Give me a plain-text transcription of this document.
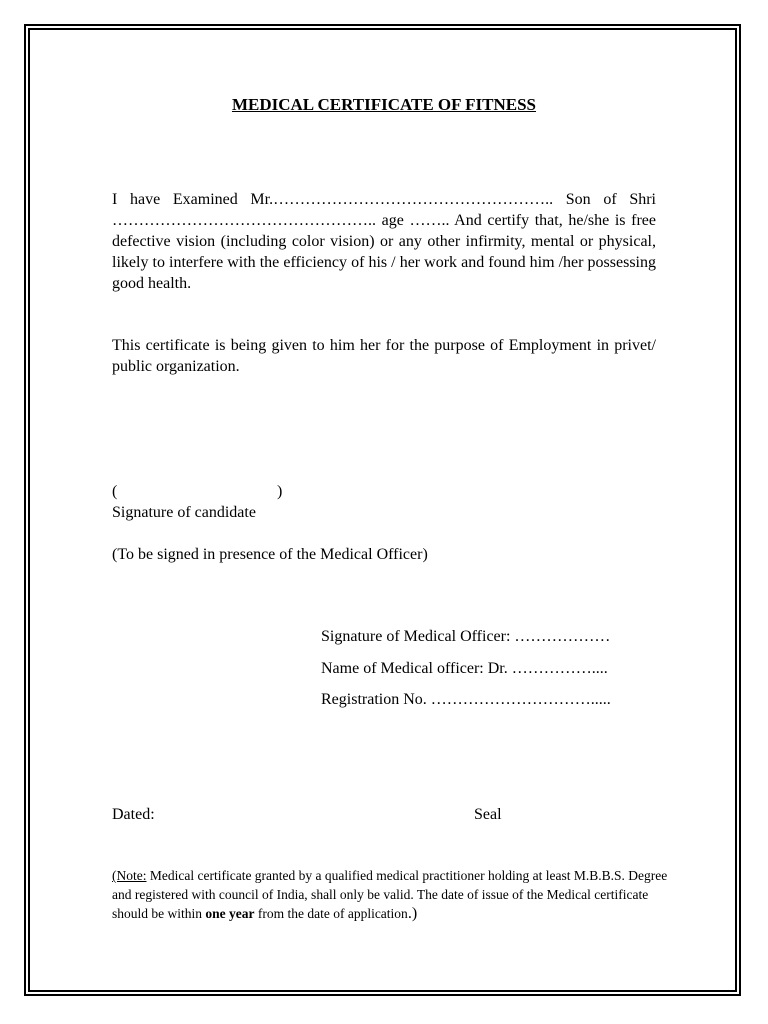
MEDICAL CERTIFICATE OF FITNESS
I have Examined Mr.…………………………………………….. Son of Shri ………………………………………….. age …….. And certify that, he/she is free defective vision (including color vision) or any other infirmity, mental or physical, likely to interfere with the efficiency of his / her work and found him /her possessing good health.
This certificate is being given to him her for the purpose of Employment in privet/ public organization.
(	)
Signature of candidate
(To be signed in presence of the Medical Officer)
Signature of Medical Officer: ………………
Name of Medical officer: Dr. ……………....
Registration No. ………………………….....
Dated:	Seal
(Note: Medical certificate granted by a qualified medical practitioner holding at least M.B.B.S. Degree and registered with council of India, shall only be valid. The date of issue of the Medical certificate should be within one year from the date of application.)
